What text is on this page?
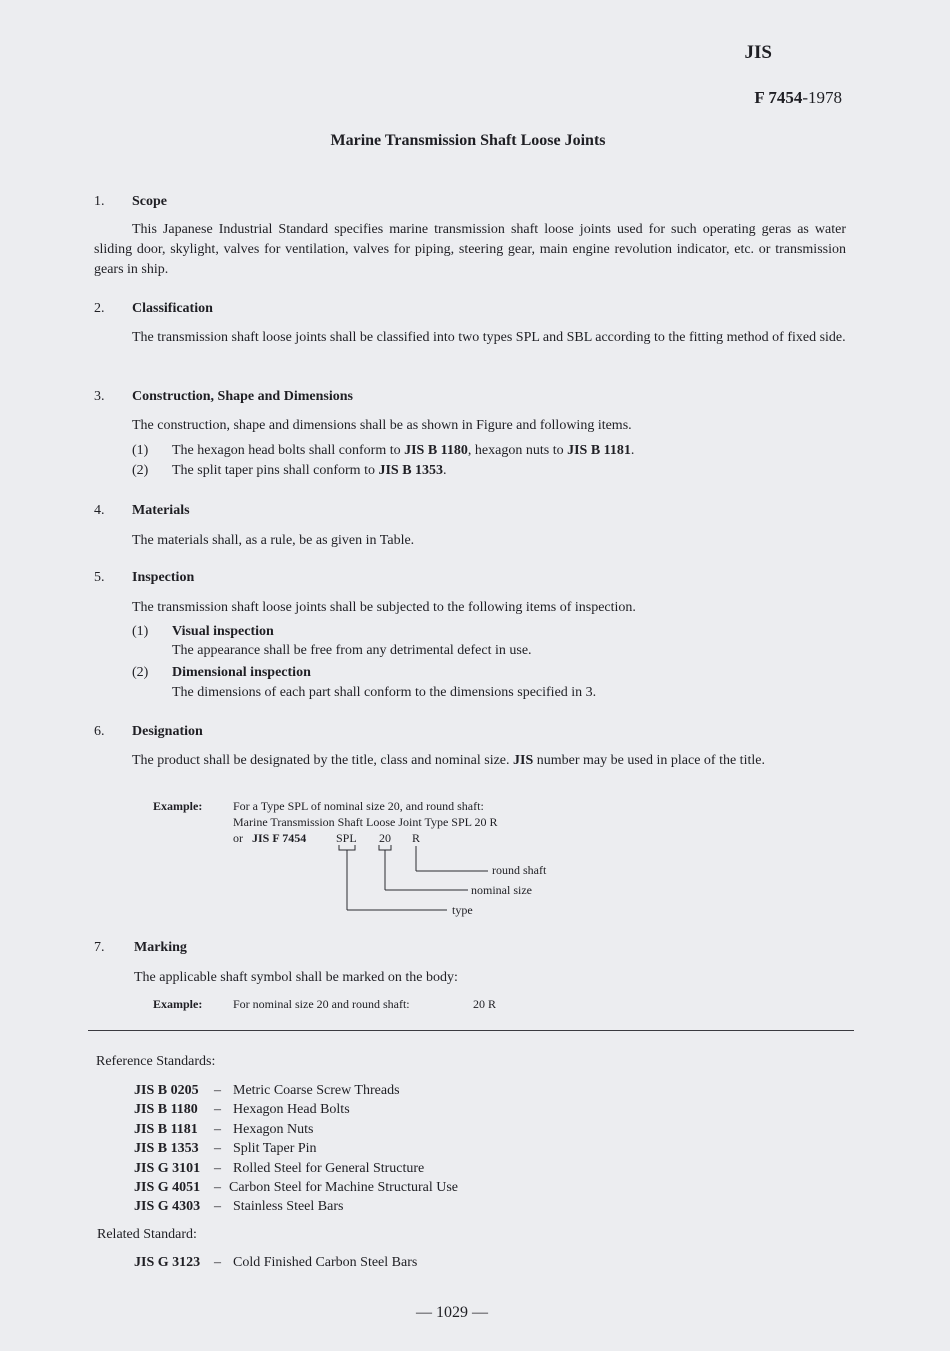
JIS
F 7454-1978
Marine Transmission Shaft Loose Joints
1. Scope
This Japanese Industrial Standard specifies marine transmission shaft loose joints used for such operating geras as water sliding door, skylight, valves for ventilation, valves for piping, steering gear, main engine revolution indicator, etc. or transmission gears in ship.
2. Classification
The transmission shaft loose joints shall be classified into two types SPL and SBL according to the fitting method of fixed side.
3. Construction, Shape and Dimensions
The construction, shape and dimensions shall be as shown in Figure and following items.
(1) The hexagon head bolts shall conform to JIS B 1180, hexagon nuts to JIS B 1181.
(2) The split taper pins shall conform to JIS B 1353.
4. Materials
The materials shall, as a rule, be as given in Table.
5. Inspection
The transmission shaft loose joints shall be subjected to the following items of inspection.
(1) Visual inspection
The appearance shall be free from any detrimental defect in use.
(2) Dimensional inspection
The dimensions of each part shall conform to the dimensions specified in 3.
6. Designation
The product shall be designated by the title, class and nominal size. JIS number may be used in place of the title.
Example:	For a Type SPL of nominal size 20, and round shaft:
Marine Transmission Shaft Loose Joint Type SPL 20 R
or JIS F 7454 SPL 20 R
round shaft
nominal size
type
7. Marking
The applicable shaft symbol shall be marked on the body:
Example:	For nominal size 20 and round shaft:	20 R
Reference Standards:
JIS B 0205 – Metric Coarse Screw Threads
JIS B 1180 – Hexagon Head Bolts
JIS B 1181 – Hexagon Nuts
JIS B 1353 – Split Taper Pin
JIS G 3101 – Rolled Steel for General Structure
JIS G 4051 – Carbon Steel for Machine Structural Use
JIS G 4303 – Stainless Steel Bars
Related Standard:
JIS G 3123 – Cold Finished Carbon Steel Bars
— 1029 —
